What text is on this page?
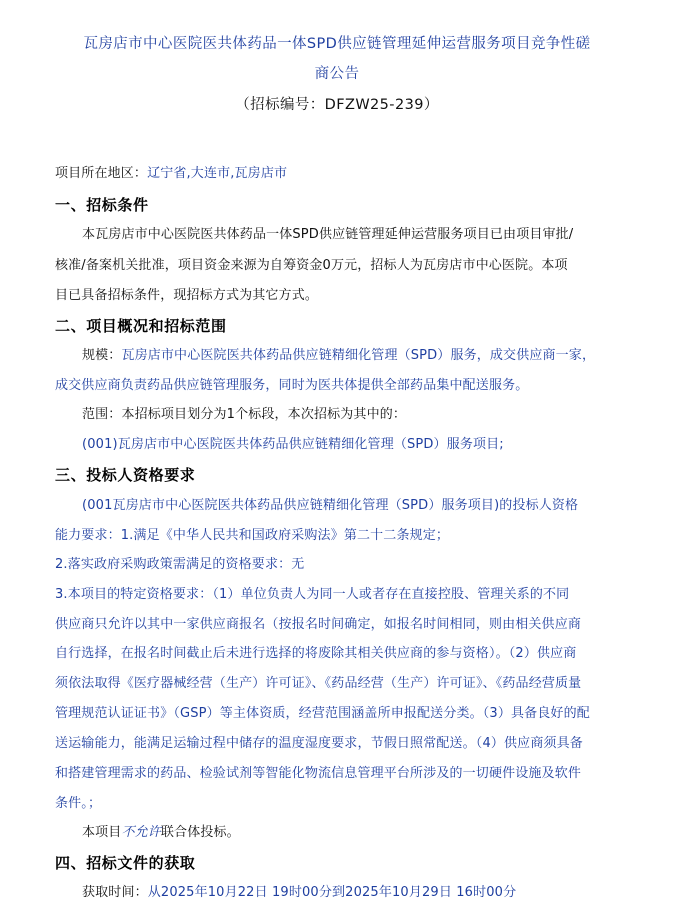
瓦房店市中心医院医共体药品一体SPD供应链管理延伸运营服务项目竞争性磋
商公告
（招标编号：DFZW25-239）
项目所在地区：辽宁省,大连市,瓦房店市
一、招标条件
本瓦房店市中心医院医共体药品一体SPD供应链管理延伸运营服务项目已由项目审批/
核准/备案机关批准，项目资金来源为自筹资金0万元，招标人为瓦房店市中心医院。本项
目已具备招标条件，现招标方式为其它方式。
二、项目概况和招标范围
规模：瓦房店市中心医院医共体药品供应链精细化管理（SPD）服务，成交供应商一家，
成交供应商负责药品供应链管理服务，同时为医共体提供全部药品集中配送服务。
范围：本招标项目划分为1个标段，本次招标为其中的：
(001)瓦房店市中心医院医共体药品供应链精细化管理（SPD）服务项目;
三、投标人资格要求
(001瓦房店市中心医院医共体药品供应链精细化管理（SPD）服务项目)的投标人资格
能力要求：1.满足《中华人民共和国政府采购法》第二十二条规定；
2.落实政府采购政策需满足的资格要求：无
3.本项目的特定资格要求：（1）单位负责人为同一人或者存在直接控股、管理关系的不同
供应商只允许以其中一家供应商报名（按报名时间确定，如报名时间相同，则由相关供应商
自行选择，在报名时间截止后未进行选择的将废除其相关供应商的参与资格）。（2）供应商
须依法取得《医疗器械经营（生产）许可证》、《药品经营（生产）许可证》、《药品经营质量
管理规范认证证书》（GSP）等主体资质，经营范围涵盖所申报配送分类。（3）具备良好的配
送运输能力，能满足运输过程中储存的温度湿度要求，节假日照常配送。（4）供应商须具备
和搭建管理需求的药品、检验试剂等智能化物流信息管理平台所涉及的一切硬件设施及软件
条件。；
本项目不允许联合体投标。
四、招标文件的获取
获取时间：从2025年10月22日 19时00分到2025年10月29日 16时00分
